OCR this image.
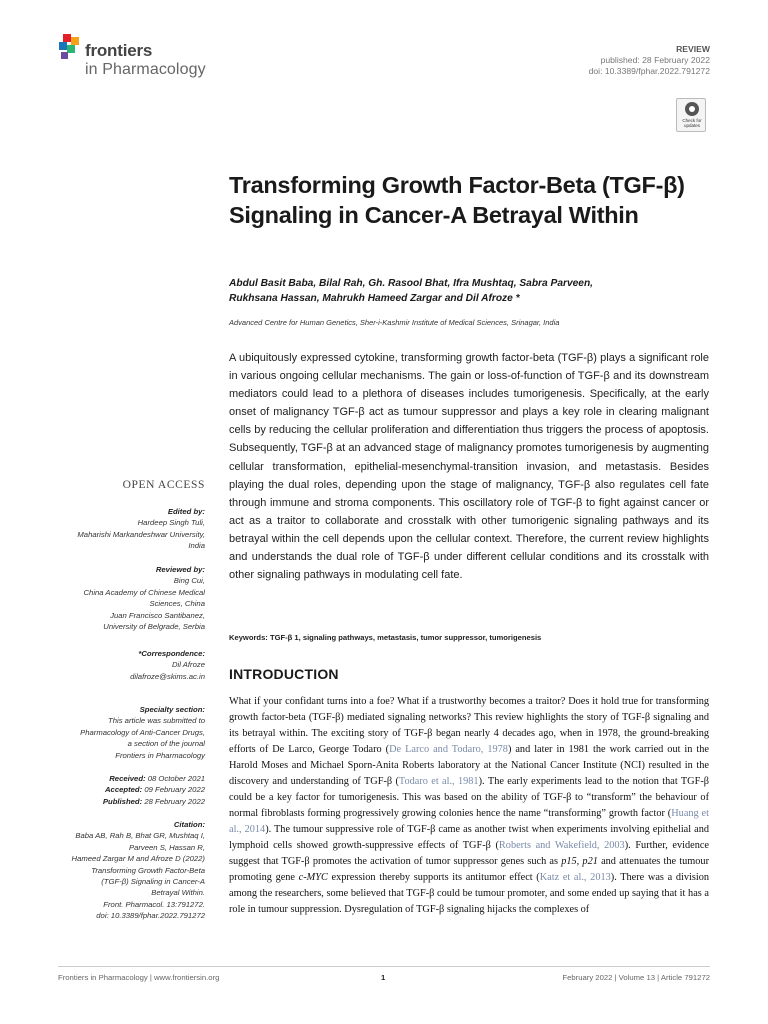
frontiers
in Pharmacology
REVIEW
published: 28 February 2022
doi: 10.3389/fphar.2022.791272
Check for
updates
Transforming Growth Factor-Beta (TGF-β) Signaling in Cancer-A Betrayal Within
Abdul Basit Baba, Bilal Rah, Gh. Rasool Bhat, Ifra Mushtaq, Sabra Parveen,
Rukhsana Hassan, Mahrukh Hameed Zargar and Dil Afroze *
Advanced Centre for Human Genetics, Sher-i-Kashmir Institute of Medical Sciences, Srinagar, India

A ubiquitously expressed cytokine, transforming growth factor-beta (TGF-β) plays a significant role in various ongoing cellular mechanisms. The gain or loss-of-function of TGF-β and its downstream mediators could lead to a plethora of diseases includes tumorigenesis. Specifically, at the early onset of malignancy TGF-β act as tumour suppressor and plays a key role in clearing malignant cells by reducing the cellular proliferation and differentiation thus triggers the process of apoptosis. Subsequently, TGF-β at an advanced stage of malignancy promotes tumorigenesis by augmenting cellular transformation, epithelial-mesenchymal-transition invasion, and metastasis. Besides playing the dual roles, depending upon the stage of malignancy, TGF-β also regulates cell fate through immune and stroma components. This oscillatory role of TGF-β to fight against cancer or act as a traitor to collaborate and crosstalk with other tumorigenic signaling pathways and its betrayal within the cell depends upon the cellular context. Therefore, the current review highlights and understands the dual role of TGF-β under different cellular conditions and its crosstalk with other signaling pathways in modulating cell fate.

Keywords: TGF-β 1, signaling pathways, metastasis, tumor suppressor, tumorigenesis
INTRODUCTION

What if your confidant turns into a foe? What if a trustworthy becomes a traitor? Does it hold true for transforming growth factor-beta (TGF-β) mediated signaling networks? This review highlights the story of TGF-β signaling and its betrayal within. The exciting story of TGF-β began nearly 4 decades ago, when in 1978, the ground-breaking efforts of De Larco, George Todaro (De Larco and Todaro, 1978) and later in 1981 the work carried out in the Harold Moses and Michael Sporn-Anita Roberts laboratory at the National Cancer Institute (NCI) resulted in the discovery and understanding of TGF-β (Todaro et al., 1981). The early experiments lead to the notion that TGF-β could be a key factor for tumorigenesis. This was based on the ability of TGF-β to “transform” the behaviour of normal fibroblasts forming progressively growing colonies hence the name “transforming” growth factor (Huang et al., 2014). The tumour suppressive role of TGF-β came as another twist when experiments involving epithelial and lymphoid cells showed growth-suppressive effects of TGF-β (Roberts and Wakefield, 2003). Further, evidence suggest that TGF-β promotes the activation of tumor suppressor genes such as p15, p21 and attenuates the tumour promoting gene c-MYC expression thereby supports its antitumor effect (Katz et al., 2013). There was a division among the researchers, some believed that TGF-β could be tumour promoter, and some ended up saying that it has a role in tumour suppression. Dysregulation of TGF-β signaling hijacks the complexes of

OPEN ACCESS
Edited by:
Hardeep Singh Tuli,
Maharishi Markandeshwar University,
India
Reviewed by:
Bing Cui,
China Academy of Chinese Medical
Sciences, China
Juan Francisco Santibanez,
University of Belgrade, Serbia
*Correspondence:
Dil Afroze
dilafroze@skims.ac.in
Specialty section:
This article was submitted to
Pharmacology of Anti-Cancer Drugs,
a section of the journal
Frontiers in Pharmacology
Received: 08 October 2021
Accepted: 09 February 2022
Published: 28 February 2022
Citation:
Baba AB, Rah B, Bhat GR, Mushtaq I,
Parveen S, Hassan R,
Hameed Zargar M and Afroze D (2022)
Transforming Growth Factor-Beta
(TGF-β) Signaling in Cancer-A
Betrayal Within.
Front. Pharmacol. 13:791272.
doi: 10.3389/fphar.2022.791272
Frontiers in Pharmacology | www.frontiersin.org	1	February 2022 | Volume 13 | Article 791272
